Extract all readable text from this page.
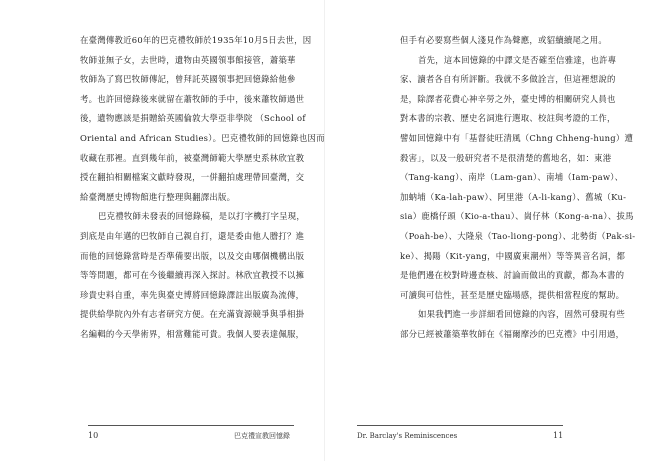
在臺灣傳教近60年的巴克禮牧師於1935年10月5日去世，因
牧師並無子女，去世時，遺物由英國領事館接管，蕭築華
牧師為了寫巴牧師傳記，曾拜託英國領事把回憶錄給他參
考。也許回憶錄後來就留在蕭牧師的手中，後來蕭牧師過世
後，遺物應該是捐贈給英國倫敦大學亞非學院 （School of
Oriental and African Studies）。巴克禮牧師的回憶錄也因而
收藏在那裡。直到幾年前，被臺灣師範大學歷史系林欣宜教
授在翻拍相關檔案文獻時發現，一併翻拍處理帶回臺灣，交
給臺灣歷史博物館進行整理與翻譯出版。
巴克禮牧師未發表的回憶錄稿，是以打字機打字呈現，
到底是由年邁的巴牧師自己親自打，還是委由他人謄打？進
而他的回憶錄當時是否準備要出版，以及交由哪個機構出版
等等問題，都可在今後繼續再深入探討。林欣宜教授不以擁
珍貴史料自重，率先與臺史博將回憶錄譯註出版廣為流傳，
提供給學院內外有志者研究方便。在充滿資源競爭與爭相掛
名編輯的今天學術界，相當難能可貴。我個人要表達佩服，
10	巴克禮宣教回憶錄
但手有必要寫些個人淺見作為聲應，或貂續續尾之用。
首先，這本回憶錄的中譯文是否確至信雅達，也許專
家、讀者各自有所評斷。我就不多做詮言，但這裡想說的
是，除譯者花費心神辛勞之外，臺史博的相關研究人員也
對本書的宗教、歷史名詞進行選取、校註與考證的工作，
譬如回憶錄中有「基督徒旺清風（Chng Chheng-hung）遭
殺害」，以及一般研究者不是很清楚的舊地名，如：東港
（Tang-kang）、南岸（Lam-gan）、南埔（Iam-paw）、
加蚋埔（Ka-lah-paw）、阿里港（A-li-kang）、舊城（Ku-
sia）鹿橋仔頭（Kio-a-thau）、崗仔林（Kong-a-na）、拔馬
（Poah-be）、大隆泉（Tao-liong-pong）、北勢街（Pak-si-
ke）、揭陽（Kit-yang，中國廣東潮州）等等異音名詞，都
是他們邊在校對時邊查核、討論而做出的貢獻，都為本書的
可讀與可信性，甚至是歷史臨場感，提供相當程度的幫助。
如果我們進一步詳細看回憶錄的內容，固然可發現有些
部分已經被蕭築華牧師在《福爾摩沙的巴克禮》中引用過，
Dr. Barclay's Reminiscences	11
